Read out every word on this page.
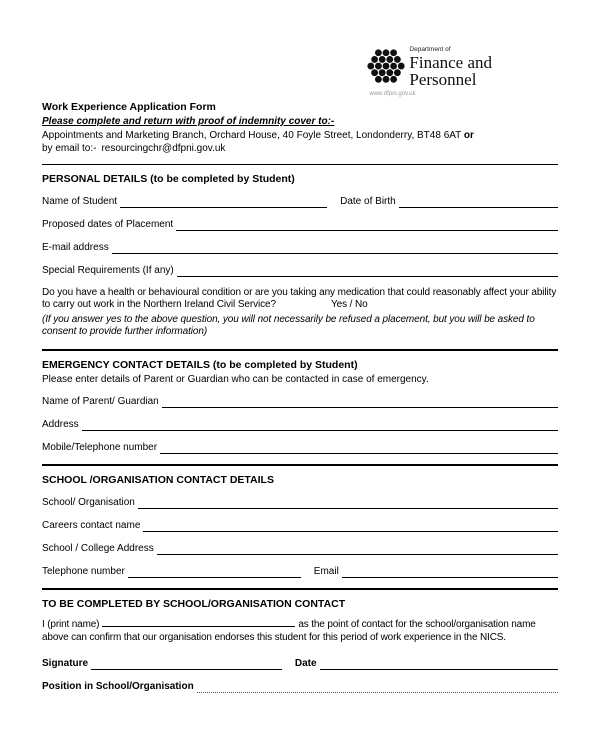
Department of
Finance and
Personnel
www.dfpni.gov.uk
Work Experience Application Form
Please complete and return with proof of indemnity cover to:-

Appointments and Marketing Branch, Orchard House, 40 Foyle Street, Londonderry, BT48 6AT or

by email to:- resourcingchr@dfpni.gov.uk

PERSONAL DETAILS (to be completed by Student)
Name of Student	Date of Birth
Proposed dates of Placement
E-mail address
Special Requirements (If any)

Do you have a health or behavioural condition or are you taking any medication that could reasonably affect your ability to carry out work in the Northern Ireland Civil Service?	Yes / No

(If you answer yes to the above question, you will not necessarily be refused a placement, but you will be asked to consent to provide further information)

EMERGENCY CONTACT DETAILS (to be completed by Student)

Please enter details of Parent or Guardian who can be contacted in case of emergency.

Name of Parent/ Guardian
Address
Mobile/Telephone number
SCHOOL /ORGANISATION CONTACT DETAILS
School/ Organisation
Careers contact name
School / College Address
Telephone number	Email
TO BE COMPLETED BY SCHOOL/ORGANISATION CONTACT

I (print name)	as the point of contact for the school/organisation name above can confirm that our organisation endorses this student for this period of work experience in the NICS.

Signature	Date
Position in School/Organisation
